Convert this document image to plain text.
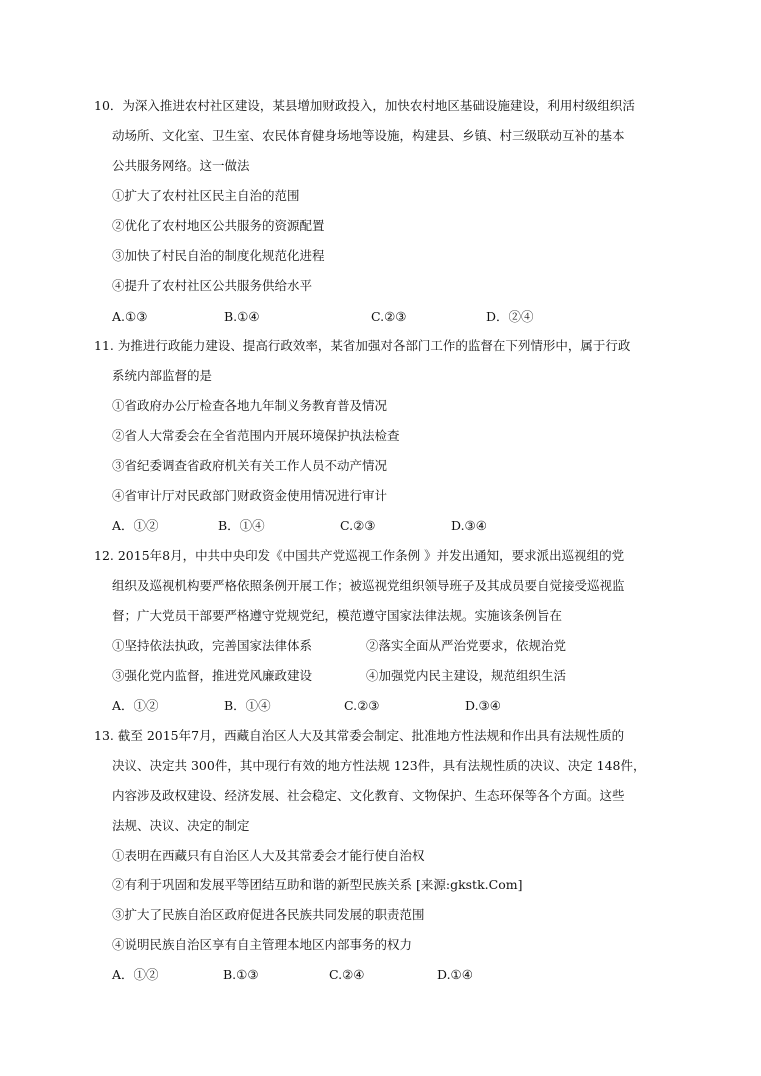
10．为深入推进农村社区建设，某县增加财政投入，加快农村地区基础设施建设，利用村级组织活
动场所、文化室、卫生室、农民体育健身场地等设施，构建县、乡镇、村三级联动互补的基本
公共服务网络。这一做法
①扩大了农村社区民主自治的范围
②优化了农村地区公共服务的资源配置
③加快了村民自治的制度化规范化进程
④提升了农村社区公共服务供给水平
A.①③	B.①④	C.②③	D．②④
11. 为推进行政能力建设、提高行政效率，某省加强对各部门工作的监督在下列情形中，属于行政
系统内部监督的是
①省政府办公厅检查各地九年制义务教育普及情况
②省人大常委会在全省范围内开展环境保护执法检查
③省纪委调查省政府机关有关工作人员不动产情况
④省审计厅对民政部门财政资金使用情况进行审计
A．①②	B．①④	C.②③	D.③④
12. 2015年8月，中共中央印发《中国共产党巡视工作条例 》并发出通知，要求派出巡视组的党
组织及巡视机构要严格依照条例开展工作；被巡视党组织领导班子及其成员要自觉接受巡视监
督；广大党员干部要严格遵守党规党纪，模范遵守国家法律法规。实施该条例旨在
①坚持依法执政，完善国家法律体系	②落实全面从严治党要求，依规治党
③强化党内监督，推进党风廉政建设	④加强党内民主建设，规范组织生活
A．①②	B．①④	C.②③	D.③④
13. 截至 2015年7月，西藏自治区人大及其常委会制定、批准地方性法规和作出具有法规性质的
决议、决定共 300件，其中现行有效的地方性法规 123件，具有法规性质的决议、决定 148件，
内容涉及政权建设、经济发展、社会稳定、文化教育、文物保护、生态环保等各个方面。这些
法规、决议、决定的制定
①表明在西藏只有自治区人大及其常委会才能行使自治权
②有利于巩固和发展平等团结互助和谐的新型民族关系 [来源:gkstk.Com]
③扩大了民族自治区政府促进各民族共同发展的职责范围
④说明民族自治区享有自主管理本地区内部事务的权力
A．①②	B.①③	C.②④	D.①④
